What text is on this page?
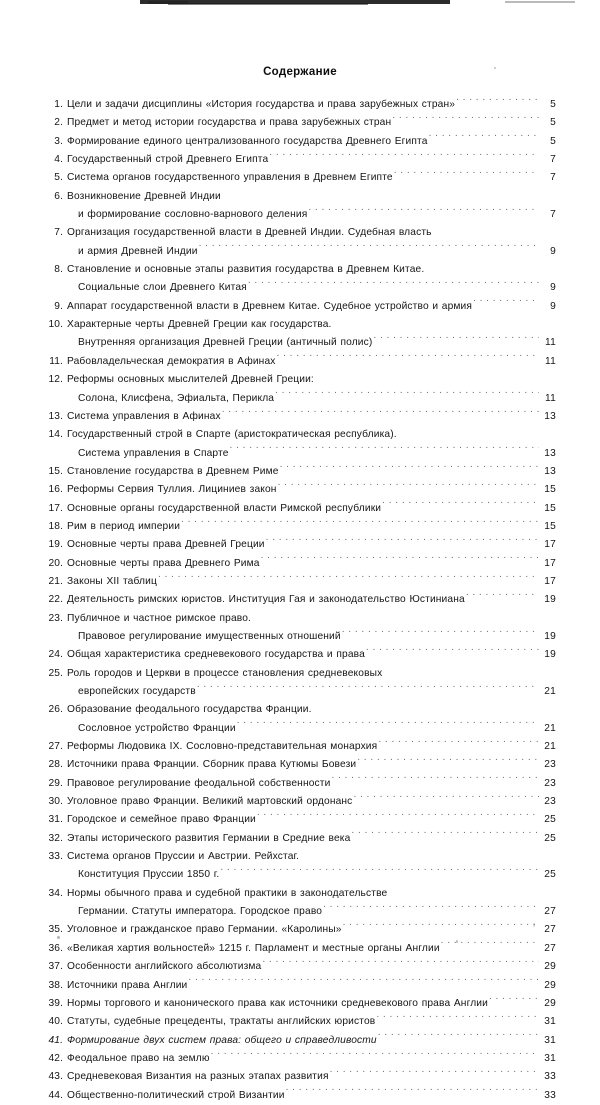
Содержание
1. Цели и задачи дисциплины «История государства и права зарубежных стран» . . .	5
2. Предмет и метод истории государства и права зарубежных стран . . .	5
3. Формирование единого централизованного государства Древнего Египта . . .	5
4. Государственный строй Древнего Египта . . .	7
5. Система органов государственного управления в Древнем Египте . . .	7
6. Возникновение Древней Индии
и формирование сословно-варнового деления . . .	7
7. Организация государственной власти в Древней Индии. Судебная власть
и армия Древней Индии . . .	9
8. Становление и основные этапы развития государства в Древнем Китае.
Социальные слои Древнего Китая . . .	9
9. Аппарат государственной власти в Древнем Китае. Судебное устройство и армия . . .	9
10. Характерные черты Древней Греции как государства.
Внутренняя организация Древней Греции (античный полис) . . .	11
11. Рабовладельческая демократия в Афинах . . .	11
12. Реформы основных мыслителей Древней Греции:
Солона, Клисфена, Эфиальта, Перикла . . .	11
13. Система управления в Афинах . . .	13
14. Государственный строй в Спарте (аристократическая республика).
Система управления в Спарте . . .	13
15. Становление государства в Древнем Риме . . .	13
16. Реформы Сервия Туллия. Лициниев закон . . .	15
17. Основные органы государственной власти Римской республики . . .	15
18. Рим в период империи . . .	15
19. Основные черты права Древней Греции . . .	17
20. Основные черты права Древнего Рима . . .	17
21. Законы XII таблиц . . .	17
22. Деятельность римских юристов. Институция Гая и законодательство Юстиниана . . .	19
23. Публичное и частное римское право.
Правовое регулирование имущественных отношений . . .	19
24. Общая характеристика средневекового государства и права . . .	19
25. Роль городов и Церкви в процессе становления средневековых
европейских государств . . .	21
26. Образование феодального государства Франции.
Сословное устройство Франции . . .	21
27. Реформы Людовика IX. Сословно-представительная монархия . . .	21
28. Источники права Франции. Сборник права Кутюмы Бовези . . .	23
29. Правовое регулирование феодальной собственности . . .	23
30. Уголовное право Франции. Великий мартовский ордонанс . . .	23
31. Городское и семейное право Франции . . .	25
32. Этапы исторического развития Германии в Средние века . . .	25
33. Система органов Пруссии и Австрии. Рейхстаг.
Конституция Пруссии 1850 г. . . .	25
34. Нормы обычного права и судебной практики в законодательстве
Германии. Статуты императора. Городское право . . .	27
35. Уголовное и гражданское право Германии. «Каролины» . . .	27
36. «Великая хартия вольностей» 1215 г. Парламент и местные органы Англии . . .	27
37. Особенности английского абсолютизма . . .	29
38. Источники права Англии . . .	29
39. Нормы торгового и канонического права как источники средневекового права Англии . . .	29
40. Статуты, судебные прецеденты, трактаты английских юристов . . .	31
41. Формирование двух систем права: общего и справедливости . . .	31
42. Феодальное право на землю . . .	31
43. Средневековая Византия на разных этапах развития . . .	33
44. Общественно-политический строй Византии . . .	33
